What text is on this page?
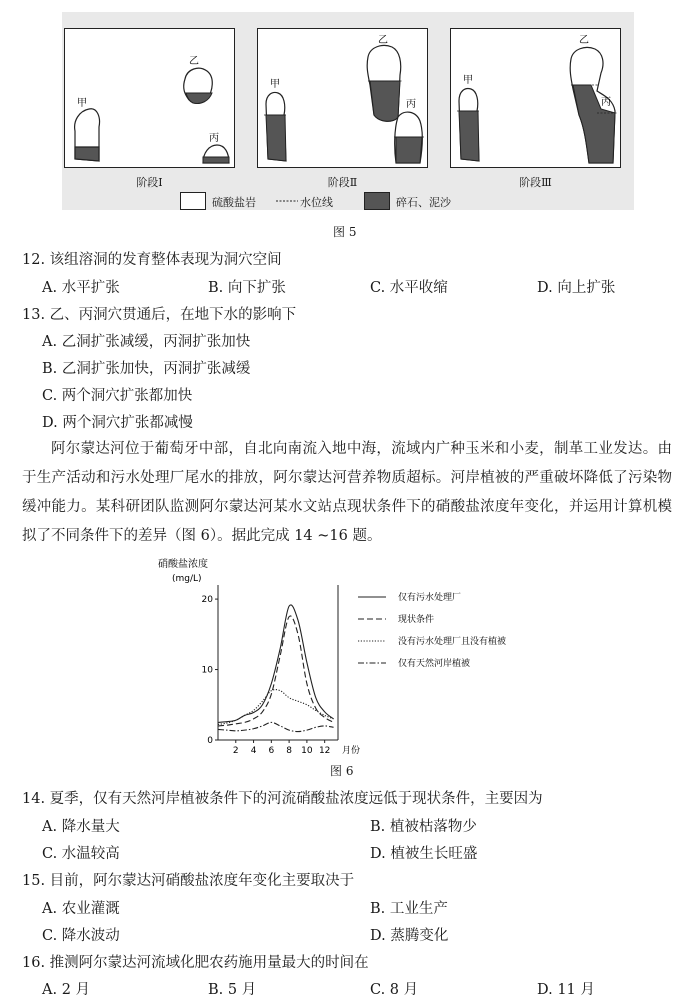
甲
乙
丙
甲
乙
丙
甲
乙
丙
阶段Ⅰ	阶段Ⅱ	阶段Ⅲ
硫酸盐岩	水位线	碎石、泥沙
图 5
12. 该组溶洞的发育整体表现为洞穴空间
A. 水平扩张	B. 向下扩张	C. 水平收缩	D. 向上扩张
13. 乙、丙洞穴贯通后，在地下水的影响下
A. 乙洞扩张减缓，丙洞扩张加快
B. 乙洞扩张加快，丙洞扩张减缓
C. 两个洞穴扩张都加快
D. 两个洞穴扩张都减慢

阿尔蒙达河位于葡萄牙中部，自北向南流入地中海，流域内广种玉米和小麦，制革工业发达。由于生产活动和污水处理厂尾水的排放，阿尔蒙达河营养物质超标。河岸植被的严重破坏降低了污染物缓冲能力。某科研团队监测阿尔蒙达河某水文站点现状条件下的硝酸盐浓度年变化，并运用计算机模拟了不同条件下的差异（图 6）。据此完成 14 ~16 题。

硝酸盐浓度
(mg/L)
0
10
20
2 4 6 8 10 12 月份
仅有污水处理厂
现状条件
没有污水处理厂且没有植被
仅有天然河岸植被
图 6
14. 夏季，仅有天然河岸植被条件下的河流硝酸盐浓度远低于现状条件，主要因为
A. 降水量大	B. 植被枯落物少
C. 水温较高	D. 植被生长旺盛
15. 目前，阿尔蒙达河硝酸盐浓度年变化主要取决于
A. 农业灌溉	B. 工业生产
C. 降水波动	D. 蒸腾变化
16. 推测阿尔蒙达河流域化肥农药施用量最大的时间在
A. 2 月	B. 5 月	C. 8 月	D. 11 月
